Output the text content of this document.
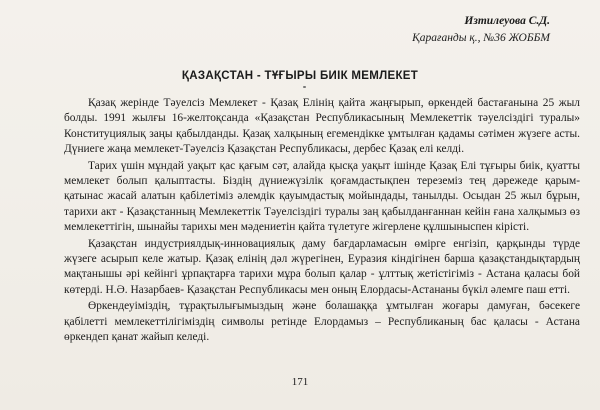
Изтилеуова С.Д.
Қарағанды қ., №36 ЖОББМ
ҚАЗАҚСТАН - ТҰҒЫРЫ БИІК МЕМЛЕКЕТ

Қазақ жерінде Тәуелсіз Мемлекет - Қазақ Елінің қайта жаңғырып, өркендей бастағанына 25 жыл болды. 1991 жылғы 16-желтоқсанда «Қазақстан Республикасының Мемлекеттік тәуелсіздігі туралы» Конституциялық заңы қабылданды. Қазақ халқының егемендікке ұмтылған қадамы сәтімен жүзеге асты. Дүниеге жаңа мемлекет-Тәуелсіз Қазақстан Республикасы, дербес Қазақ елі келді.

Тарих үшін мұндай уақыт қас қағым сәт, алайда қысқа уақыт ішінде Қазақ Елі тұғыры биік, қуатты мемлекет болып қалыптасты. Біздің дүниежүзілік қоғамдастықпен тереземіз тең дәрежеде қарым-қатынас жасай алатын қабілетіміз әлемдік қауымдастық мойындады, танылды. Осыдан 25 жыл бұрын, тарихи акт - Қазақстанның Мемлекеттік Тәуелсіздігі туралы заң қабылданғаннан кейін ғана халқымыз өз мемлекеттігін, шынайы тарихы мен мәдениетін қайта түлетуге жігерлене құлшыныспен кірісті.

Қазақстан индустриялдық-инновациялық даму бағдарламасын өмірге енгізіп, қарқынды түрде жүзеге асырып келе жатыр. Қазақ елінің дәл жүрегінен, Еуразия кіндігінен барша қазақстандықтардың мақтанышы әрі кейінгі ұрпақтарға тарихи мұра болып қалар - ұлттық жетістігіміз - Астана қаласы бой көтерді. Н.Ә. Назарбаев- Қазақстан Республикасы мен оның Елордасы-Астананы бүкіл әлемге паш етті.

Өркендеуіміздің, тұрақтылығымыздың және болашаққа ұмтылған жоғары дамуған, бәсекеге қабілетті мемлекеттілігіміздің символы ретінде Елордамыз – Республиканың бас қаласы - Астана өркендеп қанат жайып келеді.

171
